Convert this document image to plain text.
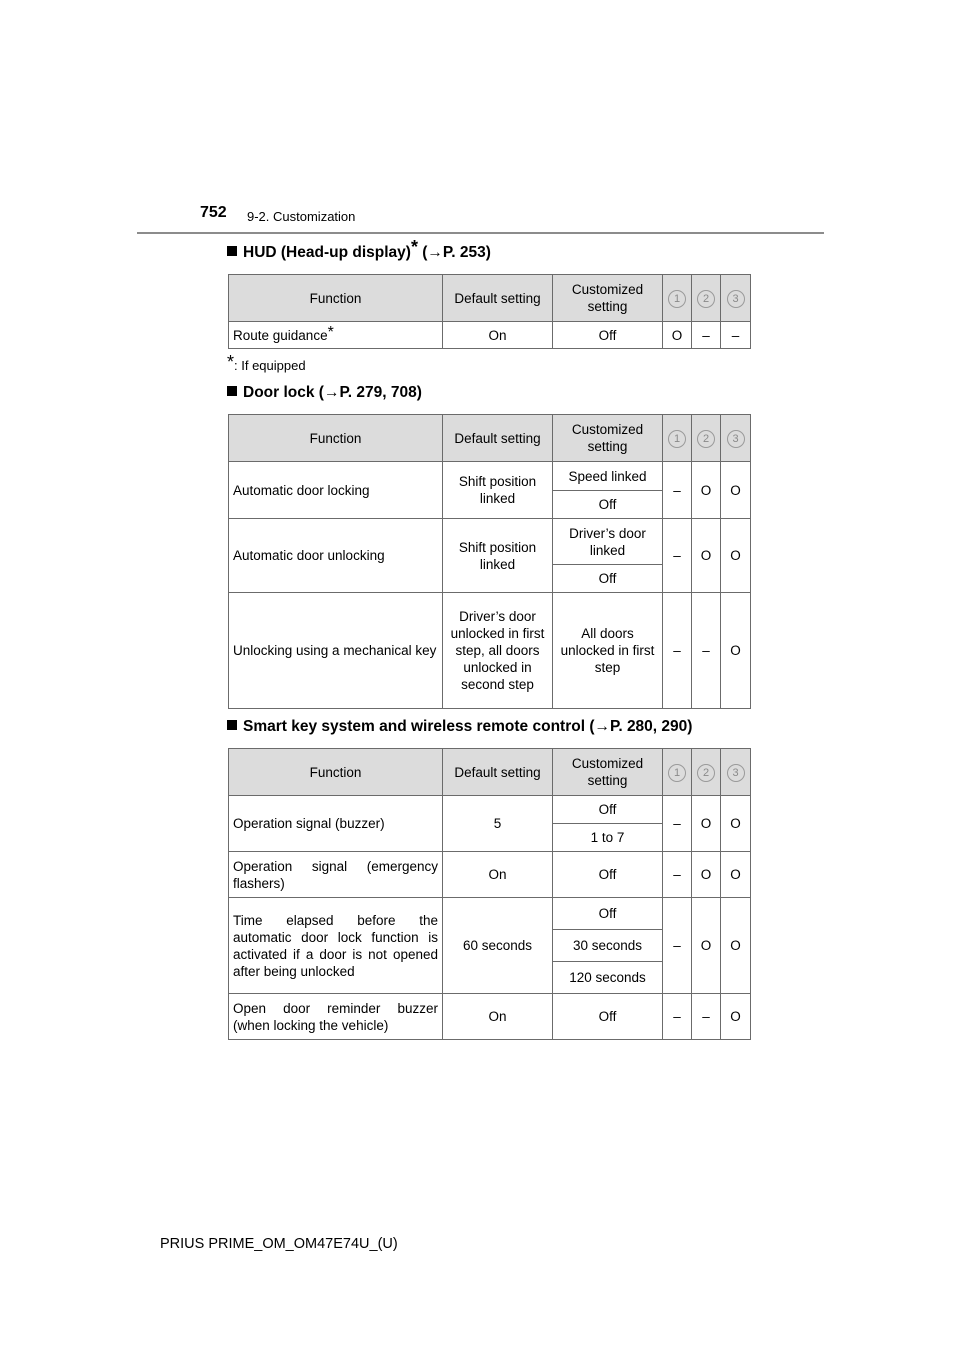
752 9-2. Customization
HUD (Head-up display)* (→P. 253)
Function	Default setting	Customized setting	1	2	3
Route guidance*	On	Off	O	–	–
*: If equipped
Door lock (→P. 279, 708)
Function	Default setting	Customized setting	1	2	3
Automatic door locking	Shift position linked	Speed linked	–	O	O
		Off			
Automatic door unlocking	Shift position linked	Driver’s door linked	–	O	O
		Off			
Unlocking using a mechanical key	Driver’s door unlocked in first step, all doors unlocked in second step	All doors unlocked in first step	–	–	O
Smart key system and wireless remote control (→P. 280, 290)
Function	Default setting	Customized setting	1	2	3
Operation signal (buzzer)	5	Off	–	O	O
		1 to 7			
Operation signal (emergency flashers)	On	Off	–	O	O
Time elapsed before the automatic door lock function is activated if a door is not opened after being unlocked	60 seconds	Off	–	O	O
		30 seconds			
		120 seconds			
Open door reminder buzzer (when locking the vehicle)	On	Off	–	–	O
PRIUS PRIME_OM_OM47E74U_(U)
